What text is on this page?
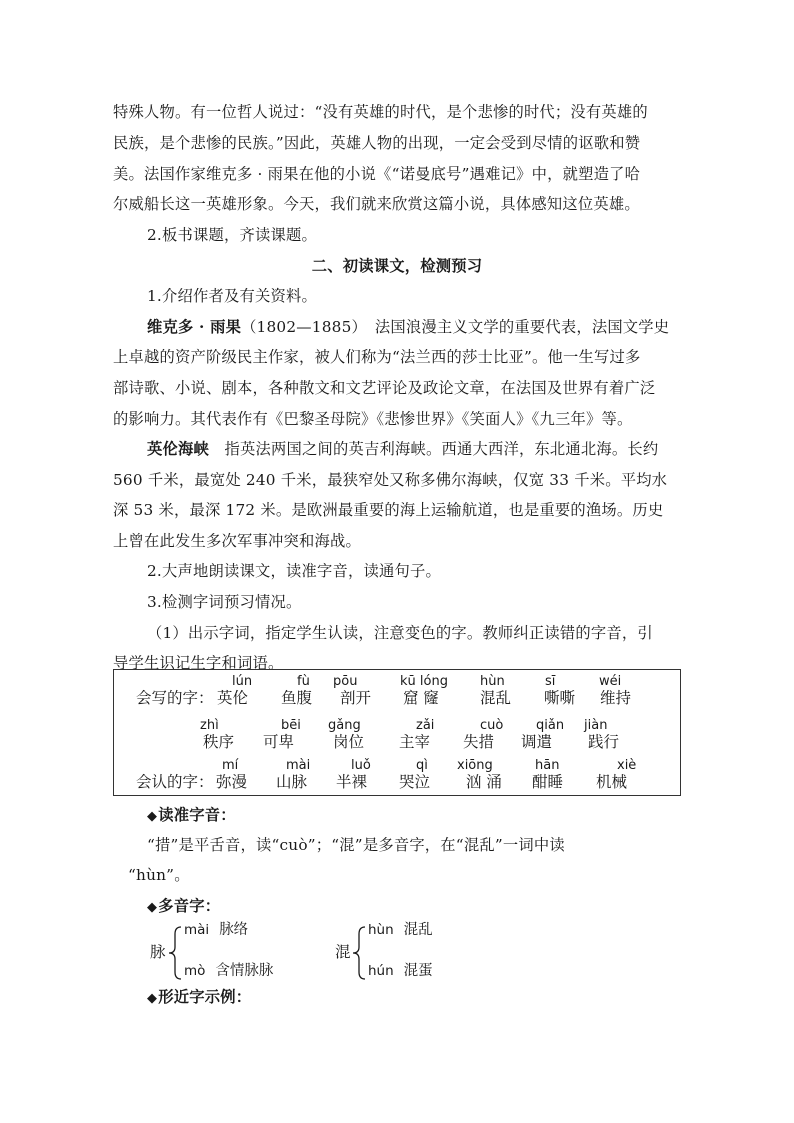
特殊人物。有一位哲人说过：“没有英雄的时代，是个悲惨的时代；没有英雄的
民族，是个悲惨的民族。”因此，英雄人物的出现，一定会受到尽情的讴歌和赞
美。法国作家维克多 · 雨果在他的小说《“诺曼底号”遇难记》中，就塑造了哈
尔威船长这一英雄形象。今天，我们就来欣赏这篇小说，具体感知这位英雄。
2.板书课题，齐读课题。
二、初读课文，检测预习
1.介绍作者及有关资料。
维克多 · 雨果（1802—1885）　法国浪漫主义文学的重要代表，法国文学史
上卓越的资产阶级民主作家，被人们称为“法兰西的莎士比亚”。他一生写过多
部诗歌、小说、剧本，各种散文和文艺评论及政论文章，在法国及世界有着广泛
的影响力。其代表作有《巴黎圣母院》《悲惨世界》《笑面人》《九三年》等。
英伦海峡　指英法两国之间的英吉利海峡。西通大西洋，东北通北海。长约
560 千米，最宽处 240 千米，最狭窄处又称多佛尔海峡，仅宽 33 千米。平均水
深 53 米，最深 172 米。是欧洲最重要的海上运输航道，也是重要的渔场。历史
上曾在此发生多次军事冲突和海战。
2.大声地朗读课文，读准字音，读通句子。
3.检测字词预习情况。
（1）出示字词，指定学生认读，注意变色的字。教师纠正读错的字音，引
导学生识记生字和词语。
会写的字：
lún	fù pōu	kū lóng hùn	sī	wéi
英伦 鱼腹 剖开 窟 窿	混乱 嘶嘶 维持
zhì	bēi gǎng	zǎi	cuò	qiǎn jiàn
秩序 可卑	岗位 主宰 失措 调遣 践行
会认的字：
mí	mài	luǒ	qì xiōng	hān	xiè
弥漫 山脉 半裸 哭泣 汹 涌 酣睡 机械
◆读准字音：
“措”是平舌音，读“cuò”；“混”是多音字，在“混乱”一词中读
“hùn”。
◆多音字：
脉
mài 脉络
mò 含情脉脉
混
hùn 混乱
hún 混蛋
◆形近字示例：
